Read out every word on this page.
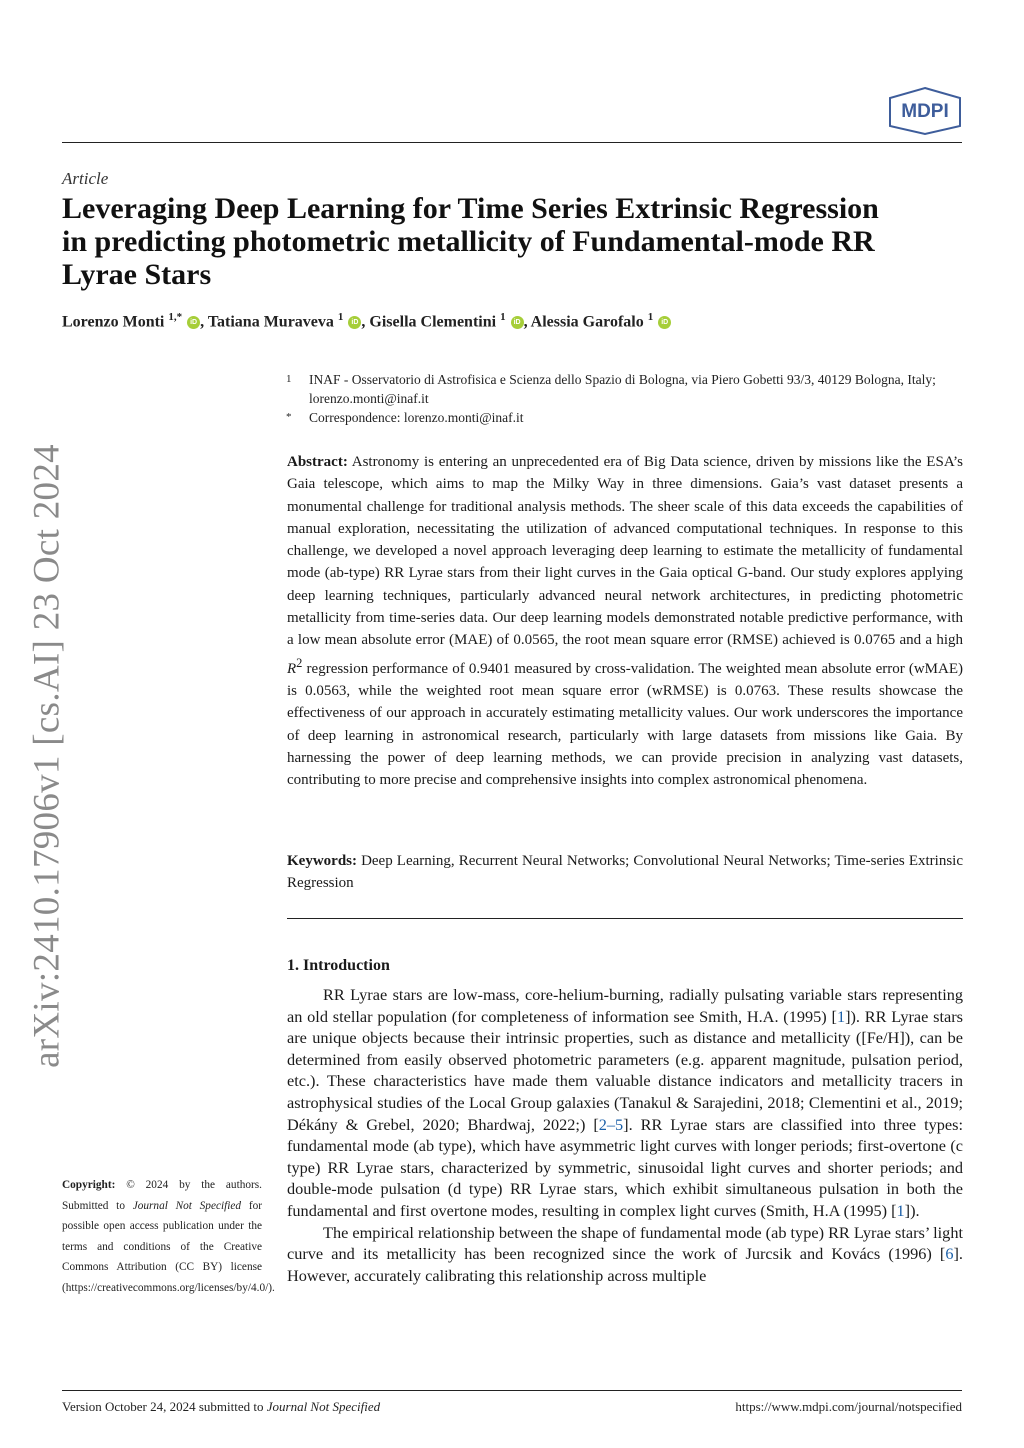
MDPI
Article
Leveraging Deep Learning for Time Series Extrinsic Regression
in predicting photometric metallicity of Fundamental-mode RR
Lyrae Stars
Lorenzo Monti $^{1,*}$ iD , Tatiana Muraveva $^1$ iD , Gisella Clementini $^1$ iD , Alessia Garofalo $^1$ iD
1 INAF - Osservatorio di Astrofisica e Scienza dello Spazio di Bologna, via Piero Gobetti 93/3, 40129 Bologna, Italy; lorenzo.monti@inaf.it
* Correspondence: lorenzo.monti@inaf.it
Abstract: Astronomy is entering an unprecedented era of Big Data science, driven by missions like the ESA’s Gaia telescope, which aims to map the Milky Way in three dimensions. Gaia’s vast dataset presents a monumental challenge for traditional analysis methods. The sheer scale of this data exceeds the capabilities of manual exploration, necessitating the utilization of advanced computational techniques. In response to this challenge, we developed a novel approach leveraging deep learning to estimate the metallicity of fundamental mode (ab-type) RR Lyrae stars from their light curves in the Gaia optical G-band. Our study explores applying deep learning techniques, particularly advanced neural network architectures, in predicting photometric metallicity from time-series data. Our deep learning models demonstrated notable predictive performance, with a low mean absolute error (MAE) of 0.0565, the root mean square error (RMSE) achieved is 0.0765 and a high $R^2$ regression performance of 0.9401 measured by cross-validation. The weighted mean absolute error (wMAE) is 0.0563, while the weighted root mean square error (wRMSE) is 0.0763. These results showcase the effectiveness of our approach in accurately estimating metallicity values. Our work underscores the importance of deep learning in astronomical research, particularly with large datasets from missions like Gaia. By harnessing the power of deep learning methods, we can provide precision in analyzing vast datasets, contributing to more precise and comprehensive insights into complex astronomical phenomena.
Keywords: Deep Learning, Recurrent Neural Networks; Convolutional Neural Networks; Time-series Extrinsic Regression
arXiv:2410.17906v1 [cs.AI] 23 Oct 2024	1. Introduction

RR Lyrae stars are low-mass, core-helium-burning, radially pulsating variable stars representing an old stellar population (for completeness of information see Smith, H.A. (1995) [1]). RR Lyrae stars are unique objects because their intrinsic properties, such as distance and metallicity ([Fe/H]), can be determined from easily observed photometric parameters (e.g. apparent magnitude, pulsation period, etc.). These characteristics have made them valuable distance indicators and metallicity tracers in astrophysical studies of the Local Group galaxies (Tanakul & Sarajedini, 2018; Clementini et al., 2019; Dékány & Grebel, 2020; Bhardwaj, 2022;) [2–5]. RR Lyrae stars are classified into three types: fundamental mode (ab type), which have asymmetric light curves with longer periods; first-overtone (c type) RR Lyrae stars, characterized by symmetric, sinusoidal light curves and shorter periods; and double-mode pulsation (d type) RR Lyrae stars, which exhibit simultaneous pulsation in both the fundamental and first overtone modes, resulting in complex light curves (Smith, H.A (1995) [1]).

The empirical relationship between the shape of fundamental mode (ab type) RR Lyrae stars’ light curve and its metallicity has been recognized since the work of Jurcsik and Kovács (1996) [6]. However, accurately calibrating this relationship across multiple

Copyright: © 2024 by the authors. Submitted to Journal Not Specified for possible open access publication under the terms and conditions of the Creative Commons Attribution (CC BY) license (https://creativecommons.org/licenses/by/4.0/).
Version October 24, 2024 submitted to Journal Not Specified	https://www.mdpi.com/journal/notspecified
